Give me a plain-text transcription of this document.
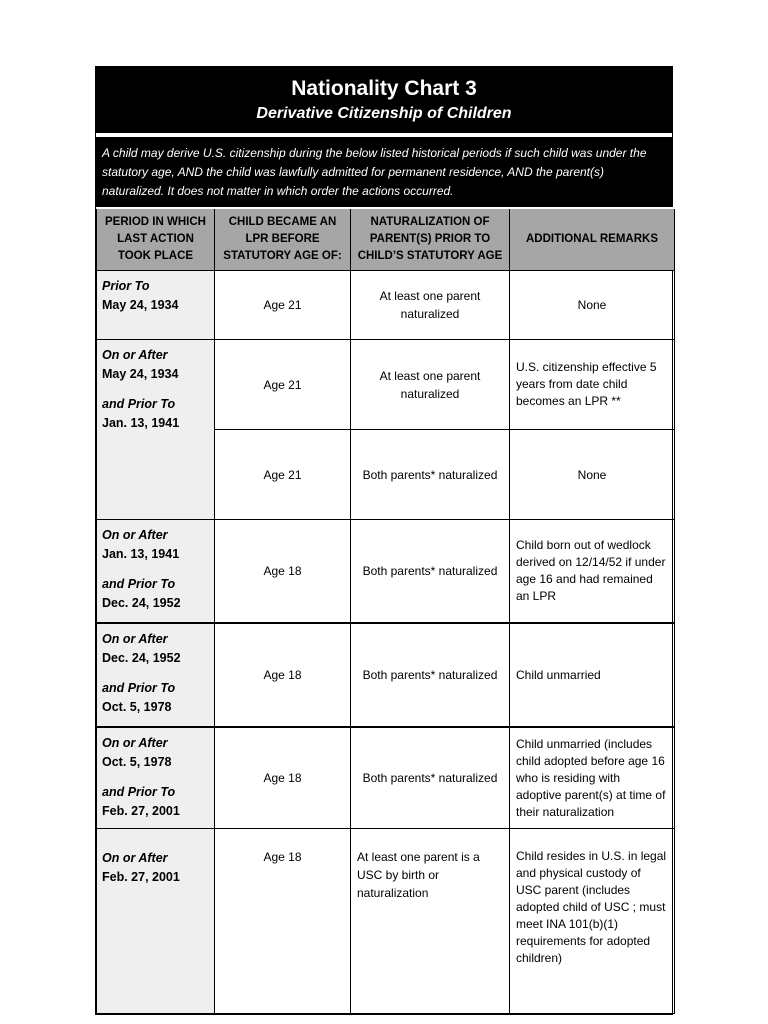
Nationality Chart 3
Derivative Citizenship of Children
A child may derive U.S. citizenship during the below listed historical periods if such child was under the statutory age, AND the child was lawfully admitted for permanent residence, AND the parent(s) naturalized. It does not matter in which order the actions occurred.
PERIOD IN WHICH LAST ACTION TOOK PLACE	CHILD BECAME AN LPR BEFORE STATUTORY AGE OF:	NATURALIZATION OF PARENT(S) PRIOR TO CHILD’S STATUTORY AGE	ADDITIONAL REMARKS
Prior To
May 24, 1934	Age 21	At least one parent naturalized	None
On or After
May 24, 1934
and Prior To
Jan. 13, 1941	Age 21	At least one parent naturalized	U.S. citizenship effective 5 years from date child becomes an LPR **
	Age 21	Both parents* naturalized	None
On or After
Jan. 13, 1941
and Prior To
Dec. 24, 1952	Age 18	Both parents* naturalized	Child born out of wedlock derived on 12/14/52 if under age 16 and had remained an LPR
On or After
Dec. 24, 1952
and Prior To
Oct. 5, 1978	Age 18	Both parents* naturalized	Child unmarried
On or After
Oct. 5, 1978
and Prior To
Feb. 27, 2001	Age 18	Both parents* naturalized	Child unmarried (includes child adopted before age 16 who is residing with adoptive parent(s) at time of their naturalization
On or After
Feb. 27, 2001	Age 18	At least one parent is a USC by birth or naturalization	Child resides in U.S. in legal and physical custody of USC parent (includes adopted child of USC ; must meet INA 101(b)(1) requirements for adopted children)
